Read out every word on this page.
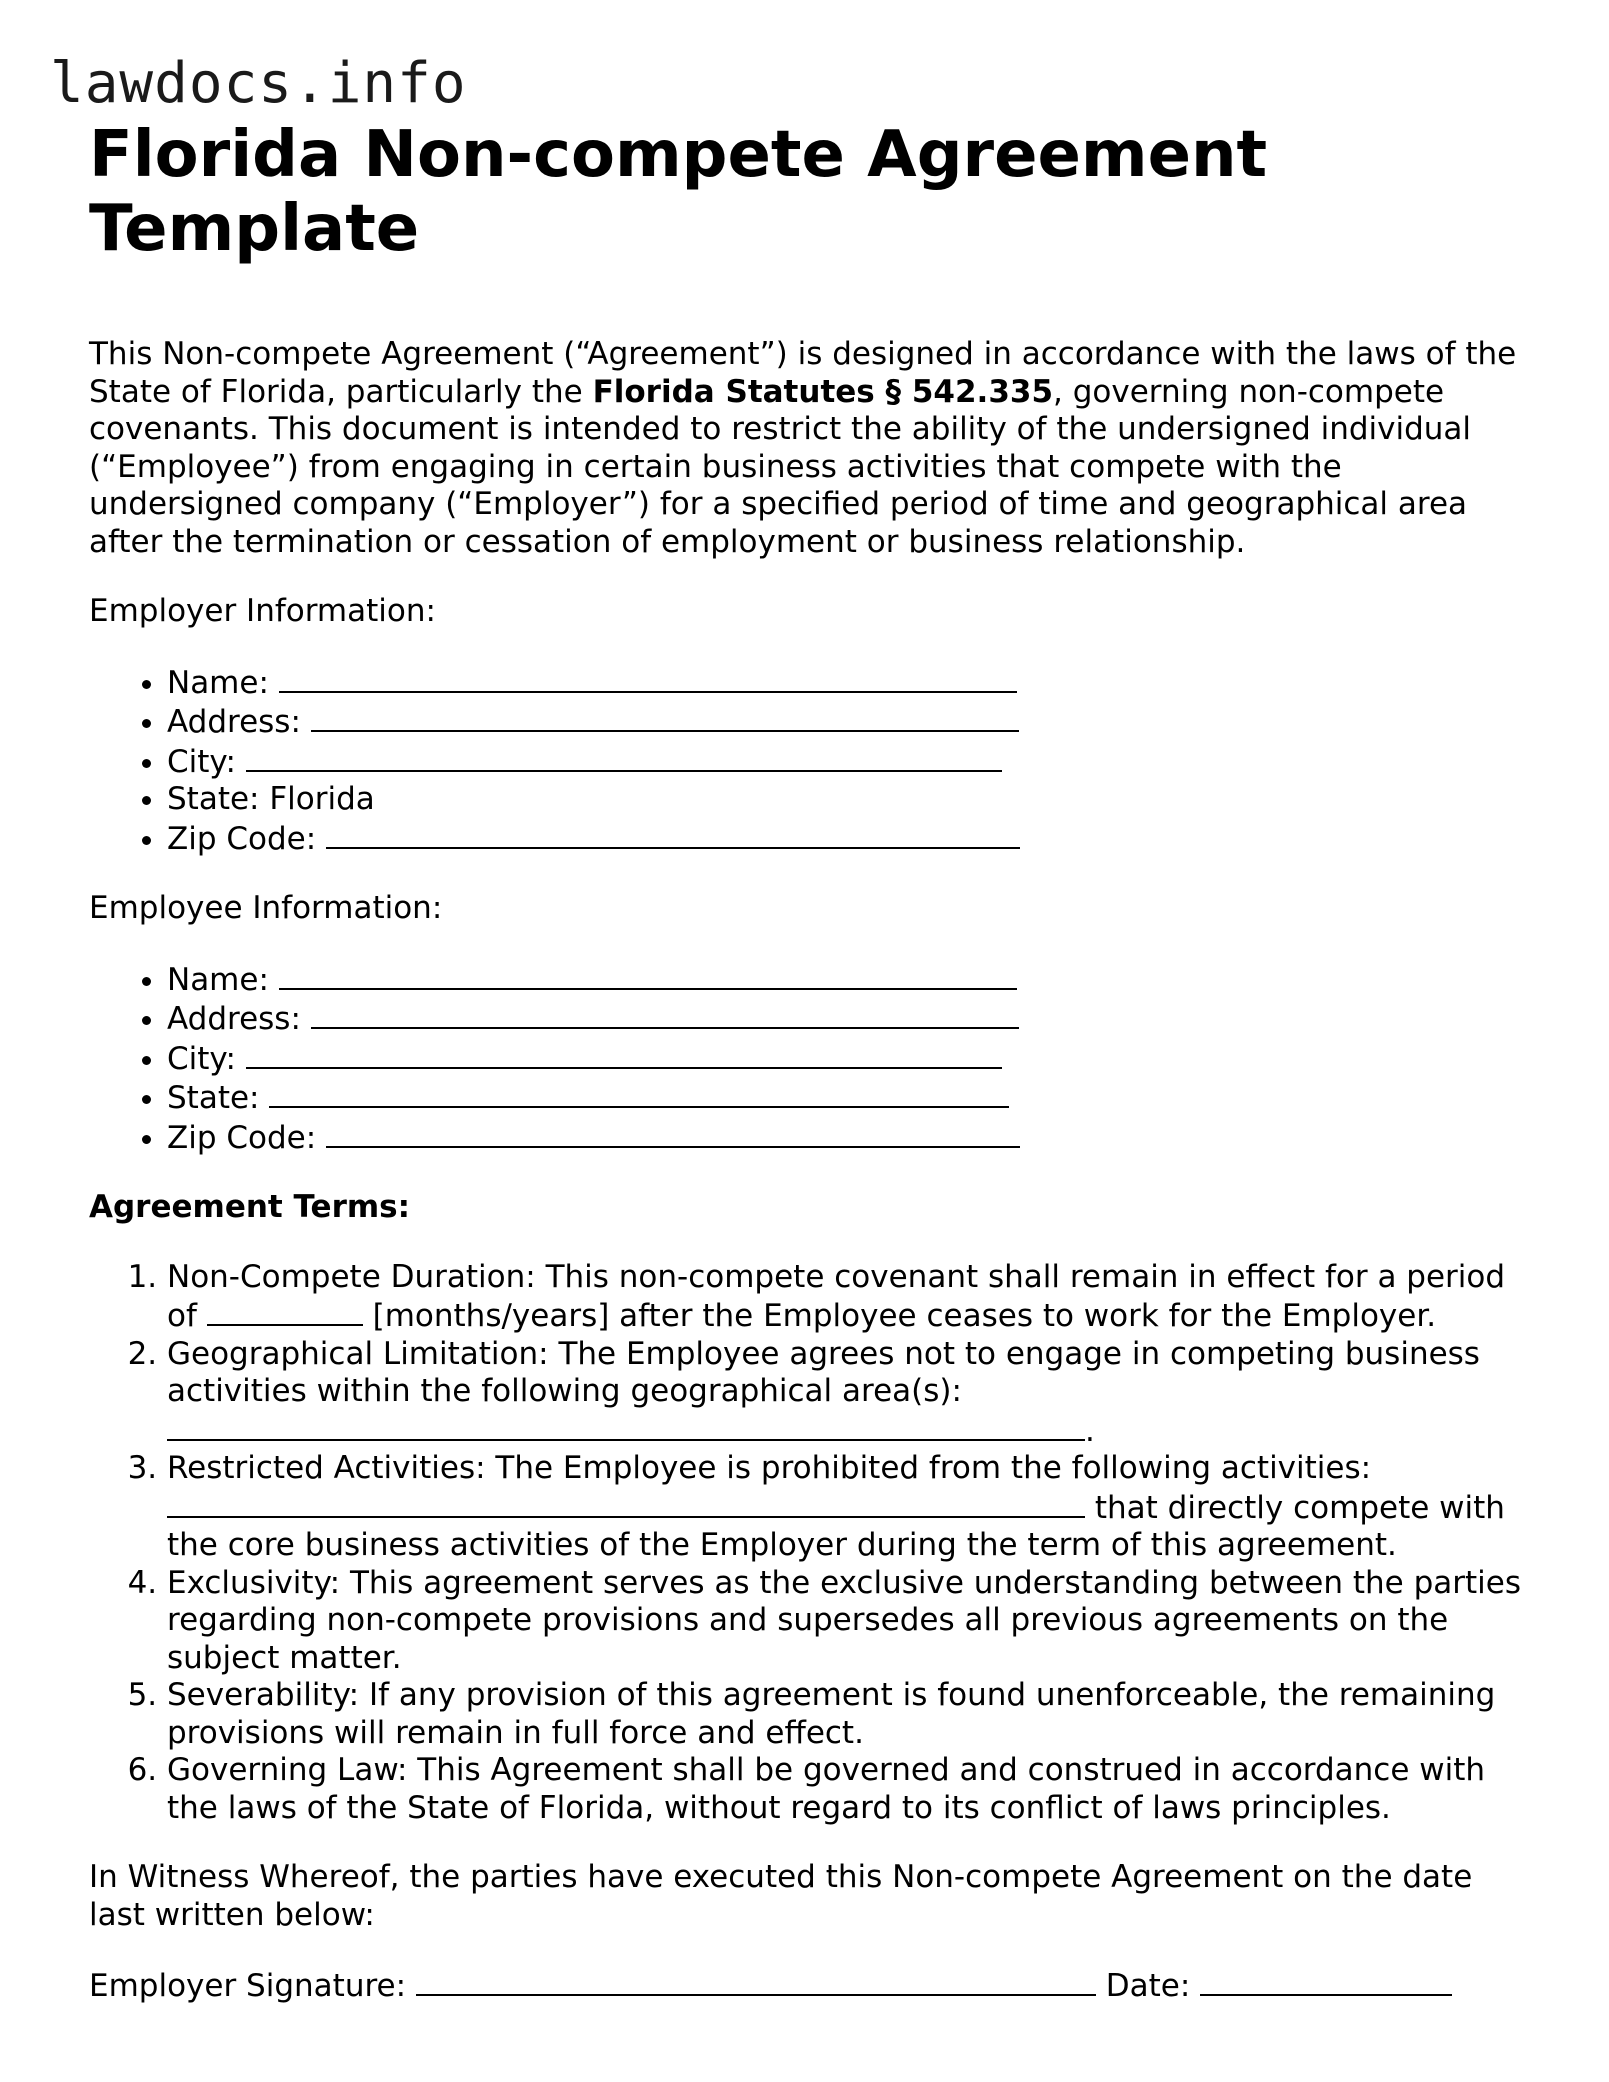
lawdocs.info
Florida Non-compete Agreement Template

This Non-compete Agreement (“Agreement”) is designed in accordance with the laws of the State of Florida, particularly the Florida Statutes § 542.335, governing non-compete covenants. This document is intended to restrict the ability of the undersigned individual (“Employee”) from engaging in certain business activities that compete with the undersigned company (“Employer”) for a specified period of time and geographical area after the termination or cessation of employment or business relationship.

Employer Information:

• Name:
• Address:
• City:
• State: Florida
• Zip Code:

Employee Information:

• Name:
• Address:
• City:
• State:
• Zip Code:

Agreement Terms:

1. Non-Compete Duration: This non-compete covenant shall remain in effect for a period of	[months/years] after the Employee ceases to work for the Employer.
2. Geographical Limitation: The Employee agrees not to engage in competing business activities within the following geographical area(s): .
3. Restricted Activities: The Employee is prohibited from the following activities:  that directly compete with the core business activities of the Employer during the term of this agreement.
4. Exclusivity: This agreement serves as the exclusive understanding between the parties regarding non-compete provisions and supersedes all previous agreements on the subject matter.
5. Severability: If any provision of this agreement is found unenforceable, the remaining provisions will remain in full force and effect.
6. Governing Law: This Agreement shall be governed and construed in accordance with the laws of the State of Florida, without regard to its conflict of laws principles.

In Witness Whereof, the parties have executed this Non-compete Agreement on the date last written below:

Employer Signature:	Date:
